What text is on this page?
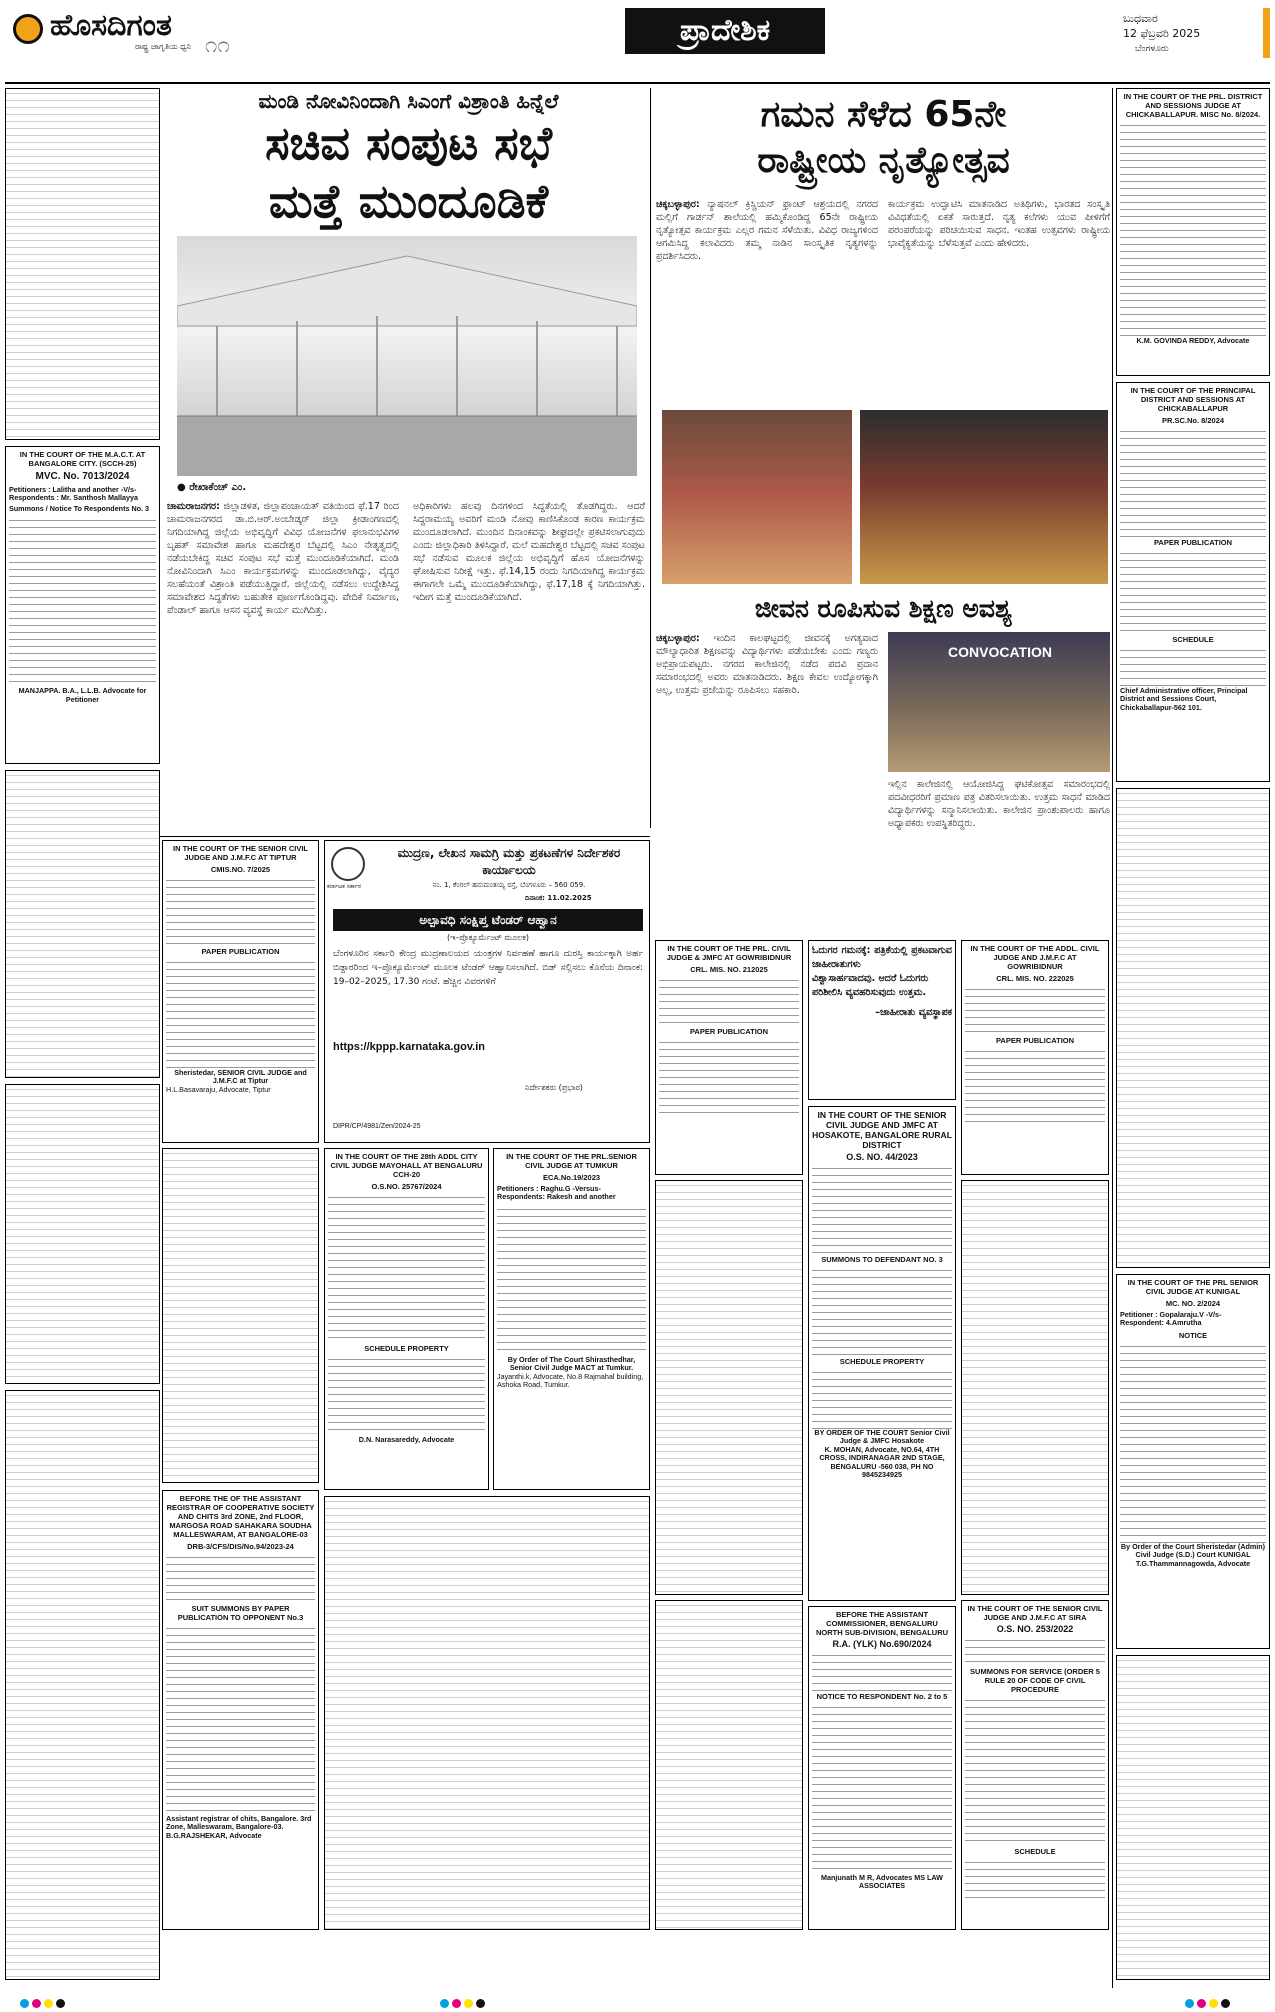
ಹೊಸದಿಗಂತ
ರಾಷ್ಟ್ರ ಜಾಗೃತಿಯ ಧ್ವನಿ ೧೧	ಪ್ರಾದೇಶಿಕ	ಬುಧವಾರ
12 ಫೆಬ್ರವರಿ 2025
ಬೆಂಗಳೂರು
IN THE COURT OF THE M.A.C.T. AT BANGALORE CITY. (SCCH-25)
MVC. No. 7013/2024
Petitioners : Lalitha and another -V/s- Respondents : Mr. Santhosh Mallayya
Summons / Notice To Respondents No. 3
MANJAPPA. B.A., L.L.B. Advocate for Petitioner
ಮಂಡಿ ನೋವಿನಿಂದಾಗಿ ಸಿಎಂಗೆ ವಿಶ್ರಾಂತಿ ಹಿನ್ನೆಲೆ
ಸಚಿವ ಸಂಪುಟ ಸಭೆ
ಮತ್ತೆ ಮುಂದೂಡಿಕೆ
● ರೇಖಾಕೆಂಚ್ ಎಂ.
ಚಾಮರಾಜನಗರ: ಜಿಲ್ಲಾಡಳಿತ, ಜಿಲ್ಲಾಪಂಚಾಯತ್ ವತಿಯಿಂದ ಫೆ.17 ರಿಂದ ಚಾಮರಾಜನಗರದ ಡಾ.ಬಿ.ಆರ್.ಅಂಬೇಡ್ಕರ್ ಜಿಲ್ಲಾ ಕ್ರೀಡಾಂಗಣದಲ್ಲಿ ನಿಗದಿಯಾಗಿದ್ದ ಜಿಲ್ಲೆಯ ಅಭಿವೃದ್ಧಿಗೆ ವಿವಿಧ ಯೋಜನೆಗಳ ಫಲಾನುಭವಿಗಳ ಬೃಹತ್ ಸಮಾವೇಶ ಹಾಗೂ ಮಹದೇಶ್ವರ ಬೆಟ್ಟದಲ್ಲಿ ಸಿಎಂ ನೇತೃತ್ವದಲ್ಲಿ ನಡೆಯಬೇಕಿದ್ದ ಸಚಿವ ಸಂಪುಟ ಸಭೆ ಮತ್ತೆ ಮುಂದೂಡಿಕೆಯಾಗಿದೆ. ಮಂಡಿ ನೋವಿನಿಂದಾಗಿ ಸಿಎಂ ಕಾರ್ಯಕ್ರಮಗಳನ್ನು ಮುಂದೂಡಲಾಗಿದ್ದು, ವೈದ್ಯರ ಸಲಹೆಯಂತೆ ವಿಶ್ರಾಂತಿ ಪಡೆಯುತ್ತಿದ್ದಾರೆ. ಜಿಲ್ಲೆಯಲ್ಲಿ ನಡೆಸಲು ಉದ್ದೇಶಿಸಿದ್ದ ಸಮಾವೇಶದ ಸಿದ್ಧತೆಗಳು ಬಹುತೇಕ ಪೂರ್ಣಗೊಂಡಿದ್ದವು. ವೇದಿಕೆ ನಿರ್ಮಾಣ, ಪೆಂಡಾಲ್ ಹಾಗೂ ಆಸನ ವ್ಯವಸ್ಥೆ ಕಾರ್ಯ ಮುಗಿದಿತ್ತು.
ಅಧಿಕಾರಿಗಳು ಹಲವು ದಿನಗಳಿಂದ ಸಿದ್ಧತೆಯಲ್ಲಿ ತೊಡಗಿದ್ದರು. ಆದರೆ ಸಿದ್ದರಾಮಯ್ಯ ಅವರಿಗೆ ಮಂಡಿ ನೋವು ಕಾಣಿಸಿಕೊಂಡ ಕಾರಣ ಕಾರ್ಯಕ್ರಮ ಮುಂದೂಡಲಾಗಿದೆ. ಮುಂದಿನ ದಿನಾಂಕವನ್ನು ಶೀಘ್ರದಲ್ಲೇ ಪ್ರಕಟಿಸಲಾಗುವುದು ಎಂದು ಜಿಲ್ಲಾಧಿಕಾರಿ ತಿಳಿಸಿದ್ದಾರೆ. ಮಲೆ ಮಹದೇಶ್ವರ ಬೆಟ್ಟದಲ್ಲಿ ಸಚಿವ ಸಂಪುಟ ಸಭೆ ನಡೆಸುವ ಮೂಲಕ ಜಿಲ್ಲೆಯ ಅಭಿವೃದ್ಧಿಗೆ ಹೊಸ ಯೋಜನೆಗಳನ್ನು ಘೋಷಿಸುವ ನಿರೀಕ್ಷೆ ಇತ್ತು. ಫೆ.14,15 ರಂದು ನಿಗದಿಯಾಗಿದ್ದ ಕಾರ್ಯಕ್ರಮ ಈಗಾಗಲೇ ಒಮ್ಮೆ ಮುಂದೂಡಿಕೆಯಾಗಿದ್ದು, ಫೆ.17,18 ಕ್ಕೆ ನಿಗದಿಯಾಗಿತ್ತು. ಇದೀಗ ಮತ್ತೆ ಮುಂದೂಡಿಕೆಯಾಗಿದೆ.
ಗಮನ ಸೆಳೆದ 65ನೇ
ರಾಷ್ಟ್ರೀಯ ನೃತ್ಯೋತ್ಸವ
ಚಿಕ್ಕಬಳ್ಳಾಪುರ: ನ್ಯಾಷನಲ್ ಕ್ರಿಸ್ಚಿಯನ್ ಫ್ರಾಂಟ್ ಆಶ್ರಯದಲ್ಲಿ ನಗರದ ಮಲ್ಲಿಗೆ ಗಾರ್ಡನ್ ಶಾಲೆಯಲ್ಲಿ ಹಮ್ಮಿಕೊಂಡಿದ್ದ 65ನೇ ರಾಷ್ಟ್ರೀಯ ನೃತ್ಯೋತ್ಸವ ಕಾರ್ಯಕ್ರಮ ಎಲ್ಲರ ಗಮನ ಸೆಳೆಯಿತು. ವಿವಿಧ ರಾಜ್ಯಗಳಿಂದ ಆಗಮಿಸಿದ್ದ ಕಲಾವಿದರು ತಮ್ಮ ನಾಡಿನ ಸಾಂಸ್ಕೃತಿಕ ನೃತ್ಯಗಳನ್ನು ಪ್ರದರ್ಶಿಸಿದರು.
ಕಾರ್ಯಕ್ರಮ ಉದ್ಘಾಟಿಸಿ ಮಾತನಾಡಿದ ಅತಿಥಿಗಳು, ಭಾರತದ ಸಂಸ್ಕೃತಿ ವಿವಿಧತೆಯಲ್ಲಿ ಏಕತೆ ಸಾರುತ್ತದೆ. ನೃತ್ಯ ಕಲೆಗಳು ಯುವ ಪೀಳಿಗೆಗೆ ಪರಂಪರೆಯನ್ನು ಪರಿಚಯಿಸುವ ಸಾಧನ. ಇಂತಹ ಉತ್ಸವಗಳು ರಾಷ್ಟ್ರೀಯ ಭಾವೈಕ್ಯತೆಯನ್ನು ಬೆಳೆಸುತ್ತವೆ ಎಂದು ಹೇಳಿದರು.
ಜೀವನ ರೂಪಿಸುವ ಶಿಕ್ಷಣ ಅವಶ್ಯ
ಚಿಕ್ಕಬಳ್ಳಾಪುರ: ಇಂದಿನ ಕಾಲಘಟ್ಟದಲ್ಲಿ ಜೀವನಕ್ಕೆ ಅಗತ್ಯವಾದ ಮೌಲ್ಯಾಧಾರಿತ ಶಿಕ್ಷಣವನ್ನು ವಿದ್ಯಾರ್ಥಿಗಳು ಪಡೆಯಬೇಕು ಎಂದು ಗಣ್ಯರು ಅಭಿಪ್ರಾಯಪಟ್ಟರು. ನಗರದ ಕಾಲೇಜಿನಲ್ಲಿ ನಡೆದ ಪದವಿ ಪ್ರದಾನ ಸಮಾರಂಭದಲ್ಲಿ ಅವರು ಮಾತನಾಡಿದರು. ಶಿಕ್ಷಣ ಕೇವಲ ಉದ್ಯೋಗಕ್ಕಾಗಿ ಅಲ್ಲ, ಉತ್ತಮ ಪ್ರಜೆಯನ್ನು ರೂಪಿಸಲು ಸಹಕಾರಿ.
CONVOCATION
ಇಲ್ಲಿನ ಕಾಲೇಜಿನಲ್ಲಿ ಆಯೋಜಿಸಿದ್ದ ಘಟಿಕೋತ್ಸವ ಸಮಾರಂಭದಲ್ಲಿ ಪದವೀಧರರಿಗೆ ಪ್ರಮಾಣ ಪತ್ರ ವಿತರಿಸಲಾಯಿತು. ಉತ್ತಮ ಸಾಧನೆ ಮಾಡಿದ ವಿದ್ಯಾರ್ಥಿಗಳನ್ನು ಸನ್ಮಾನಿಸಲಾಯಿತು. ಕಾಲೇಜಿನ ಪ್ರಾಂಶುಪಾಲರು ಹಾಗೂ ಅಧ್ಯಾಪಕರು ಉಪಸ್ಥಿತರಿದ್ದರು.
IN THE COURT OF THE PRL. DISTRICT AND SESSIONS JUDGE AT CHICKABALLAPUR. MISC No. 8/2024.
K.M. GOVINDA REDDY, Advocate
IN THE COURT OF THE PRINCIPAL DISTRICT AND SESSIONS AT CHICKABALLAPUR
PR.SC.No. 8/2024
PAPER PUBLICATION
SCHEDULE
Chief Administrative officer, Principal District and Sessions Court, Chickaballapur-562 101.
IN THE COURT OF THE PRL SENIOR CIVIL JUDGE AT KUNIGAL
MC. NO. 2/2024
Petitioner : Gopalaraju.V -V/s- Respondent: 4.Amrutha
NOTICE
By Order of the Court Sheristedar (Admin) Civil Judge (S.D.) Court KUNIGAL
T.G.Thammannagowda, Advocate
IN THE COURT OF THE SENIOR CIVIL JUDGE AND J.M.F.C AT TIPTUR
CMIS.NO. 7/2025
PAPER PUBLICATION
Sheristedar, SENIOR CIVIL JUDGE and J.M.F.C at Tiptur
H.L.Basavaraju, Advocate, Tiptur
ಕರ್ನಾಟಕ ಸರ್ಕಾರ
ಮುದ್ರಣ, ಲೇಖನ ಸಾಮಗ್ರಿ ಮತ್ತು ಪ್ರಕಟಣೆಗಳ ನಿರ್ದೇಶಕರ ಕಾರ್ಯಾಲಯ
ನಂ. 1, ಕೆಂಗಲ್ ಹನುಮಂತಯ್ಯ ರಸ್ತೆ, ಬೆಂಗಳೂರು – 560 059.
ದಿನಾಂಕ: 11.02.2025
ಅಲ್ಪಾವಧಿ ಸಂಕ್ಷಿಪ್ತ ಟೆಂಡರ್ ಆಹ್ವಾನ
(ಇ–ಪ್ರೊಕ್ಯೂರ್ಮೆಂಟ್ ಮೂಲಕ)
ಬೆಂಗಳೂರಿನ ಸರ್ಕಾರಿ ಕೇಂದ್ರ ಮುದ್ರಣಾಲಯದ ಯಂತ್ರಗಳ ನಿರ್ವಹಣೆ ಹಾಗೂ ದುರಸ್ತಿ ಕಾರ್ಯಕ್ಕಾಗಿ ಅರ್ಹ ಬಿಡ್ದಾರರಿಂದ ಇ–ಪ್ರೊಕ್ಯೂರ್ಮೆಂಟ್ ಮೂಲಕ ಟೆಂಡರ್ ಆಹ್ವಾನಿಸಲಾಗಿದೆ. ಬಿಡ್ ಸಲ್ಲಿಸಲು ಕೊನೆಯ ದಿನಾಂಕ: 19–02–2025, 17.30 ಗಂಟೆ. ಹೆಚ್ಚಿನ ವಿವರಗಳಿಗೆ
https://kppp.karnataka.gov.in
ನಿರ್ದೇಶಕರು (ಪ್ರಭಾರ)
DIPR/CP/4981/Zen/2024-25
IN THE COURT OF THE 28th ADDL CITY CIVIL JUDGE MAYOHALL AT BENGALURU CCH-20
O.S.NO. 25767/2024
SCHEDULE PROPERTY
D.N. Narasareddy, Advocate
IN THE COURT OF THE PRL.SENIOR CIVIL JUDGE AT TUMKUR
ECA.No.19/2023
Petitioners : Raghu.G -Versus- Respondents: Rakesh and another
By Order of The Court Shirasthedhar, Senior Civil Judge MACT at Tumkur.
Jayanthi.k, Advocate, No.8 Rajmahal building, Ashoka Road, Tumkur.
BEFORE THE OF THE ASSISTANT REGISTRAR OF COOPERATIVE SOCIETY AND CHITS 3rd ZONE, 2nd FLOOR, MARGOSA ROAD SAHAKARA SOUDHA MALLESWARAM, AT BANGALORE-03
DRB-3/CFS/DIS/No.94/2023-24
SUIT SUMMONS BY PAPER PUBLICATION TO OPPONENT No.3
Assistant registrar of chits, Bangalore. 3rd Zone, Malleswaram, Bangalore-03.
B.G.RAJSHEKAR, Advocate
IN THE COURT OF THE PRL. CIVIL JUDGE & JMFC AT GOWRIBIDNUR
CRL. MIS. NO. 212025
PAPER PUBLICATION
ಓದುಗರ ಗಮನಕ್ಕೆ: ಪತ್ರಿಕೆಯಲ್ಲಿ ಪ್ರಕಟವಾಗುವ ಜಾಹೀರಾತುಗಳು
ವಿಶ್ವಾಸಾರ್ಹವಾದವು. ಆದರೆ ಓದುಗರು
ಪರಿಶೀಲಿಸಿ ವ್ಯವಹರಿಸುವುದು ಉತ್ತಮ.
–ಜಾಹೀರಾತು ವ್ಯವಸ್ಥಾಪಕ
IN THE COURT OF THE ADDL. CIVIL JUDGE AND J.M.F.C AT GOWRIBIDNUR
CRL. MIS. NO. 222025
PAPER PUBLICATION
IN THE COURT OF THE SENIOR CIVIL JUDGE AND JMFC AT HOSAKOTE, BANGALORE RURAL DISTRICT
O.S. NO. 44/2023
SUMMONS TO DEFENDANT NO. 3
SCHEDULE PROPERTY
BY ORDER OF THE COURT Senior Civil Judge & JMFC Hosakote
K. MOHAN, Advocate, NO.64, 4TH CROSS, INDIRANAGAR 2ND STAGE, BENGALURU -560 038, PH NO 9845234925
BEFORE THE ASSISTANT COMMISSIONER, BENGALURU NORTH SUB-DIVISION, BENGALURU
R.A. (YLK) No.690/2024
NOTICE TO RESPONDENT No. 2 to 5
Manjunath M R, Advocates MS LAW ASSOCIATES
IN THE COURT OF THE SENIOR CIVIL JUDGE AND J.M.F.C AT SIRA
O.S. NO. 253/2022
SUMMONS FOR SERVICE (ORDER 5 RULE 20 OF CODE OF CIVIL PROCEDURE
SCHEDULE
